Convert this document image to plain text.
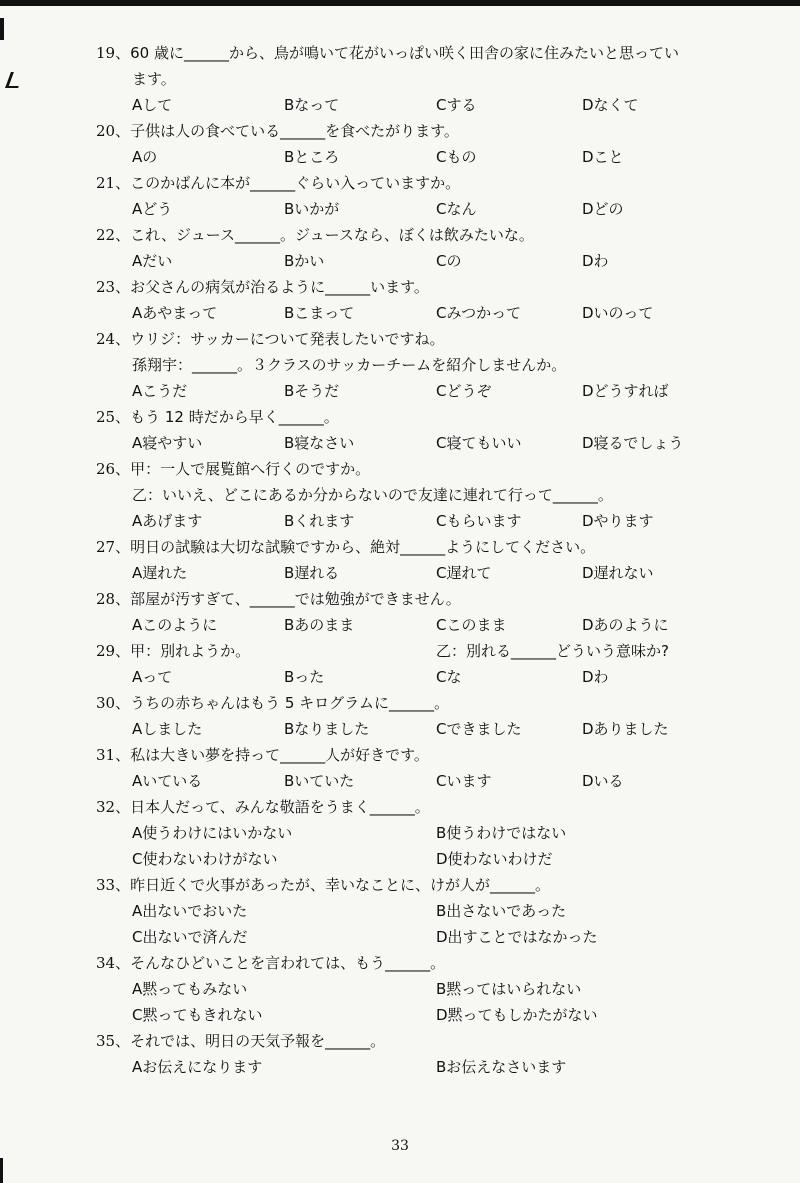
19、60 歳に______から、鳥が鳴いて花がいっぱい咲く田舎の家に住みたいと思ってい
ます。
Aして	Bなって	Cする	Dなくて
20、子供は人の食べている______を食べたがります。
Aの	Bところ	Cもの	Dこと
21、このかばんに本が______ぐらい入っていますか。
Aどう	Bいかが	Cなん	Dどの
22、これ、ジュース______。ジュースなら、ぼくは飲みたいな。
Aだい	Bかい	Cの	Dわ
23、お父さんの病気が治るように______います。
Aあやまって	Bこまって	Cみつかって	Dいのって
24、ウリジ：サッカーについて発表したいですね。
孫翔宇：______。３クラスのサッカーチームを紹介しませんか。
Aこうだ	Bそうだ	Cどうぞ	Dどうすれば
25、もう 12 時だから早く______。
A寝やすい	B寝なさい	C寝てもいい	D寝るでしょう
26、甲：一人で展覧館へ行くのですか。
乙：いいえ、どこにあるか分からないので友達に連れて行って______。
Aあげます	Bくれます	Cもらいます	Dやります
27、明日の試験は大切な試験ですから、絶対______ようにしてください。
A遅れた	B遅れる	C遅れて	D遅れない
28、部屋が汚すぎて、______では勉強ができません。
Aこのように	Bあのまま	Cこのまま	Dあのように
29、甲：別れようか。	乙：別れる______どういう意味か?
Aって	Bった	Cな	Dわ
30、うちの赤ちゃんはもう 5 キログラムに______。
Aしました	Bなりました	Cできました	Dありました
31、私は大きい夢を持って______人が好きです。
Aいている	Bいていた	Cいます	Dいる
32、日本人だって、みんな敬語をうまく______。
A使うわけにはいかない	B使うわけではない
C使わないわけがない	D使わないわけだ
33、昨日近くで火事があったが、幸いなことに、けが人が______。
A出ないでおいた	B出さないであった
C出ないで済んだ	D出すことではなかった
34、そんなひどいことを言われては、もう______。
A黙ってもみない	B黙ってはいられない
C黙ってもきれない	D黙ってもしかたがない
35、それでは、明日の天気予報を______。
Aお伝えになります	Bお伝えなさいます
33
